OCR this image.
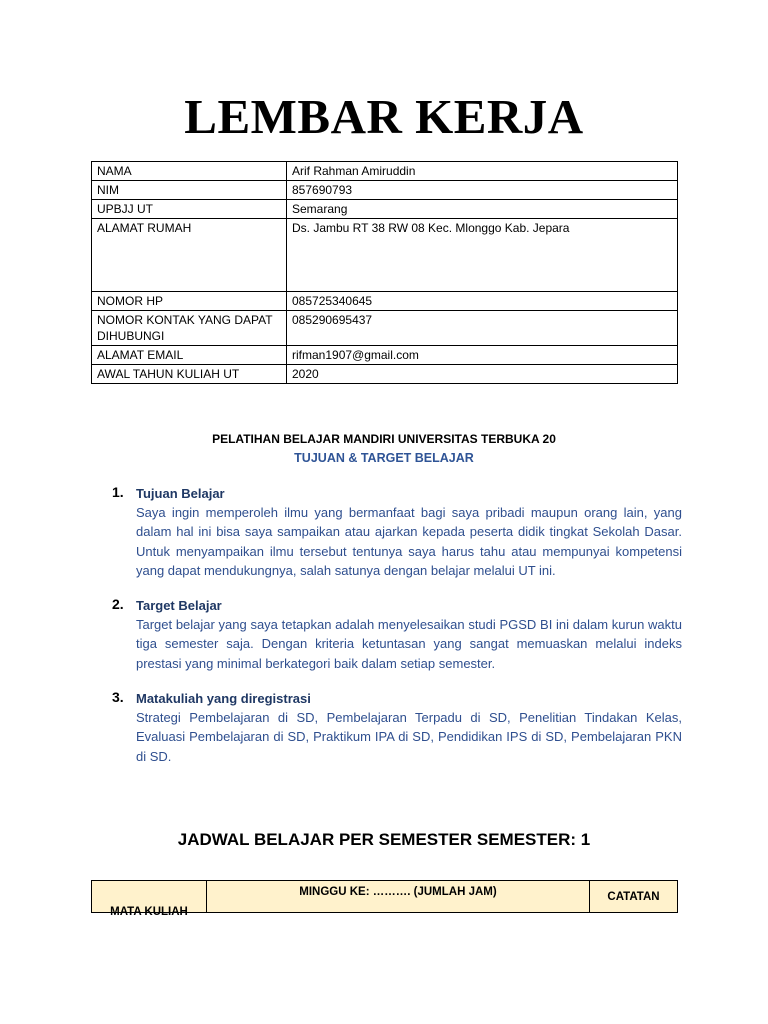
LEMBAR KERJA
NAMA	Arif Rahman Amiruddin
NIM	857690793
UPBJJ UT	Semarang
ALAMAT RUMAH	Ds. Jambu RT 38 RW 08 Kec. Mlonggo Kab. Jepara
NOMOR HP	085725340645
NOMOR KONTAK YANG DAPAT DIHUBUNGI	085290695437
ALAMAT EMAIL	rifman1907@gmail.com
AWAL TAHUN KULIAH UT	2020

PELATIHAN BELAJAR MANDIRI UNIVERSITAS TERBUKA 20

TUJUAN & TARGET BELAJAR

1. Tujuan Belajar
Saya ingin memperoleh ilmu yang bermanfaat bagi saya pribadi maupun orang lain, yang dalam hal ini bisa saya sampaikan atau ajarkan kepada peserta didik tingkat Sekolah Dasar. Untuk menyampaikan ilmu tersebut tentunya saya harus tahu atau mempunyai kompetensi yang dapat mendukungnya, salah satunya dengan belajar melalui UT ini.
2. Target Belajar
Target belajar yang saya tetapkan adalah menyelesaikan studi PGSD BI ini dalam kurun waktu tiga semester saja. Dengan kriteria ketuntasan yang sangat memuaskan melalui indeks prestasi yang minimal berkategori baik dalam setiap semester.
3. Matakuliah yang diregistrasi
Strategi Pembelajaran di SD, Pembelajaran Terpadu di SD, Penelitian Tindakan Kelas, Evaluasi Pembelajaran di SD, Praktikum IPA di SD, Pendidikan IPS di SD, Pembelajaran PKN di SD.

JADWAL BELAJAR PER SEMESTER SEMESTER: 1

MATA KULIAH	MINGGU KE: ………. (JUMLAH JAM)	CATATAN
